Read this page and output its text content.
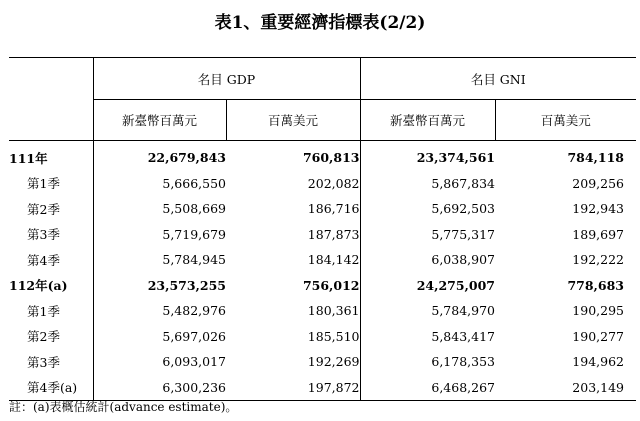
表1、重要經濟指標表(2/2)
	名目 GDP		名目 GNI	
	新臺幣百萬元	百萬美元	新臺幣百萬元	百萬美元
111年	22,679,843	760,813	23,374,561	784,118
第1季	5,666,550	202,082	5,867,834	209,256
第2季	5,508,669	186,716	5,692,503	192,943
第3季	5,719,679	187,873	5,775,317	189,697
第4季	5,784,945	184,142	6,038,907	192,222
112年(a)	23,573,255	756,012	24,275,007	778,683
第1季	5,482,976	180,361	5,784,970	190,295
第2季	5,697,026	185,510	5,843,417	190,277
第3季	6,093,017	192,269	6,178,353	194,962
第4季(a)	6,300,236	197,872	6,468,267	203,149
註：(a)表概估統計(advance estimate)。
